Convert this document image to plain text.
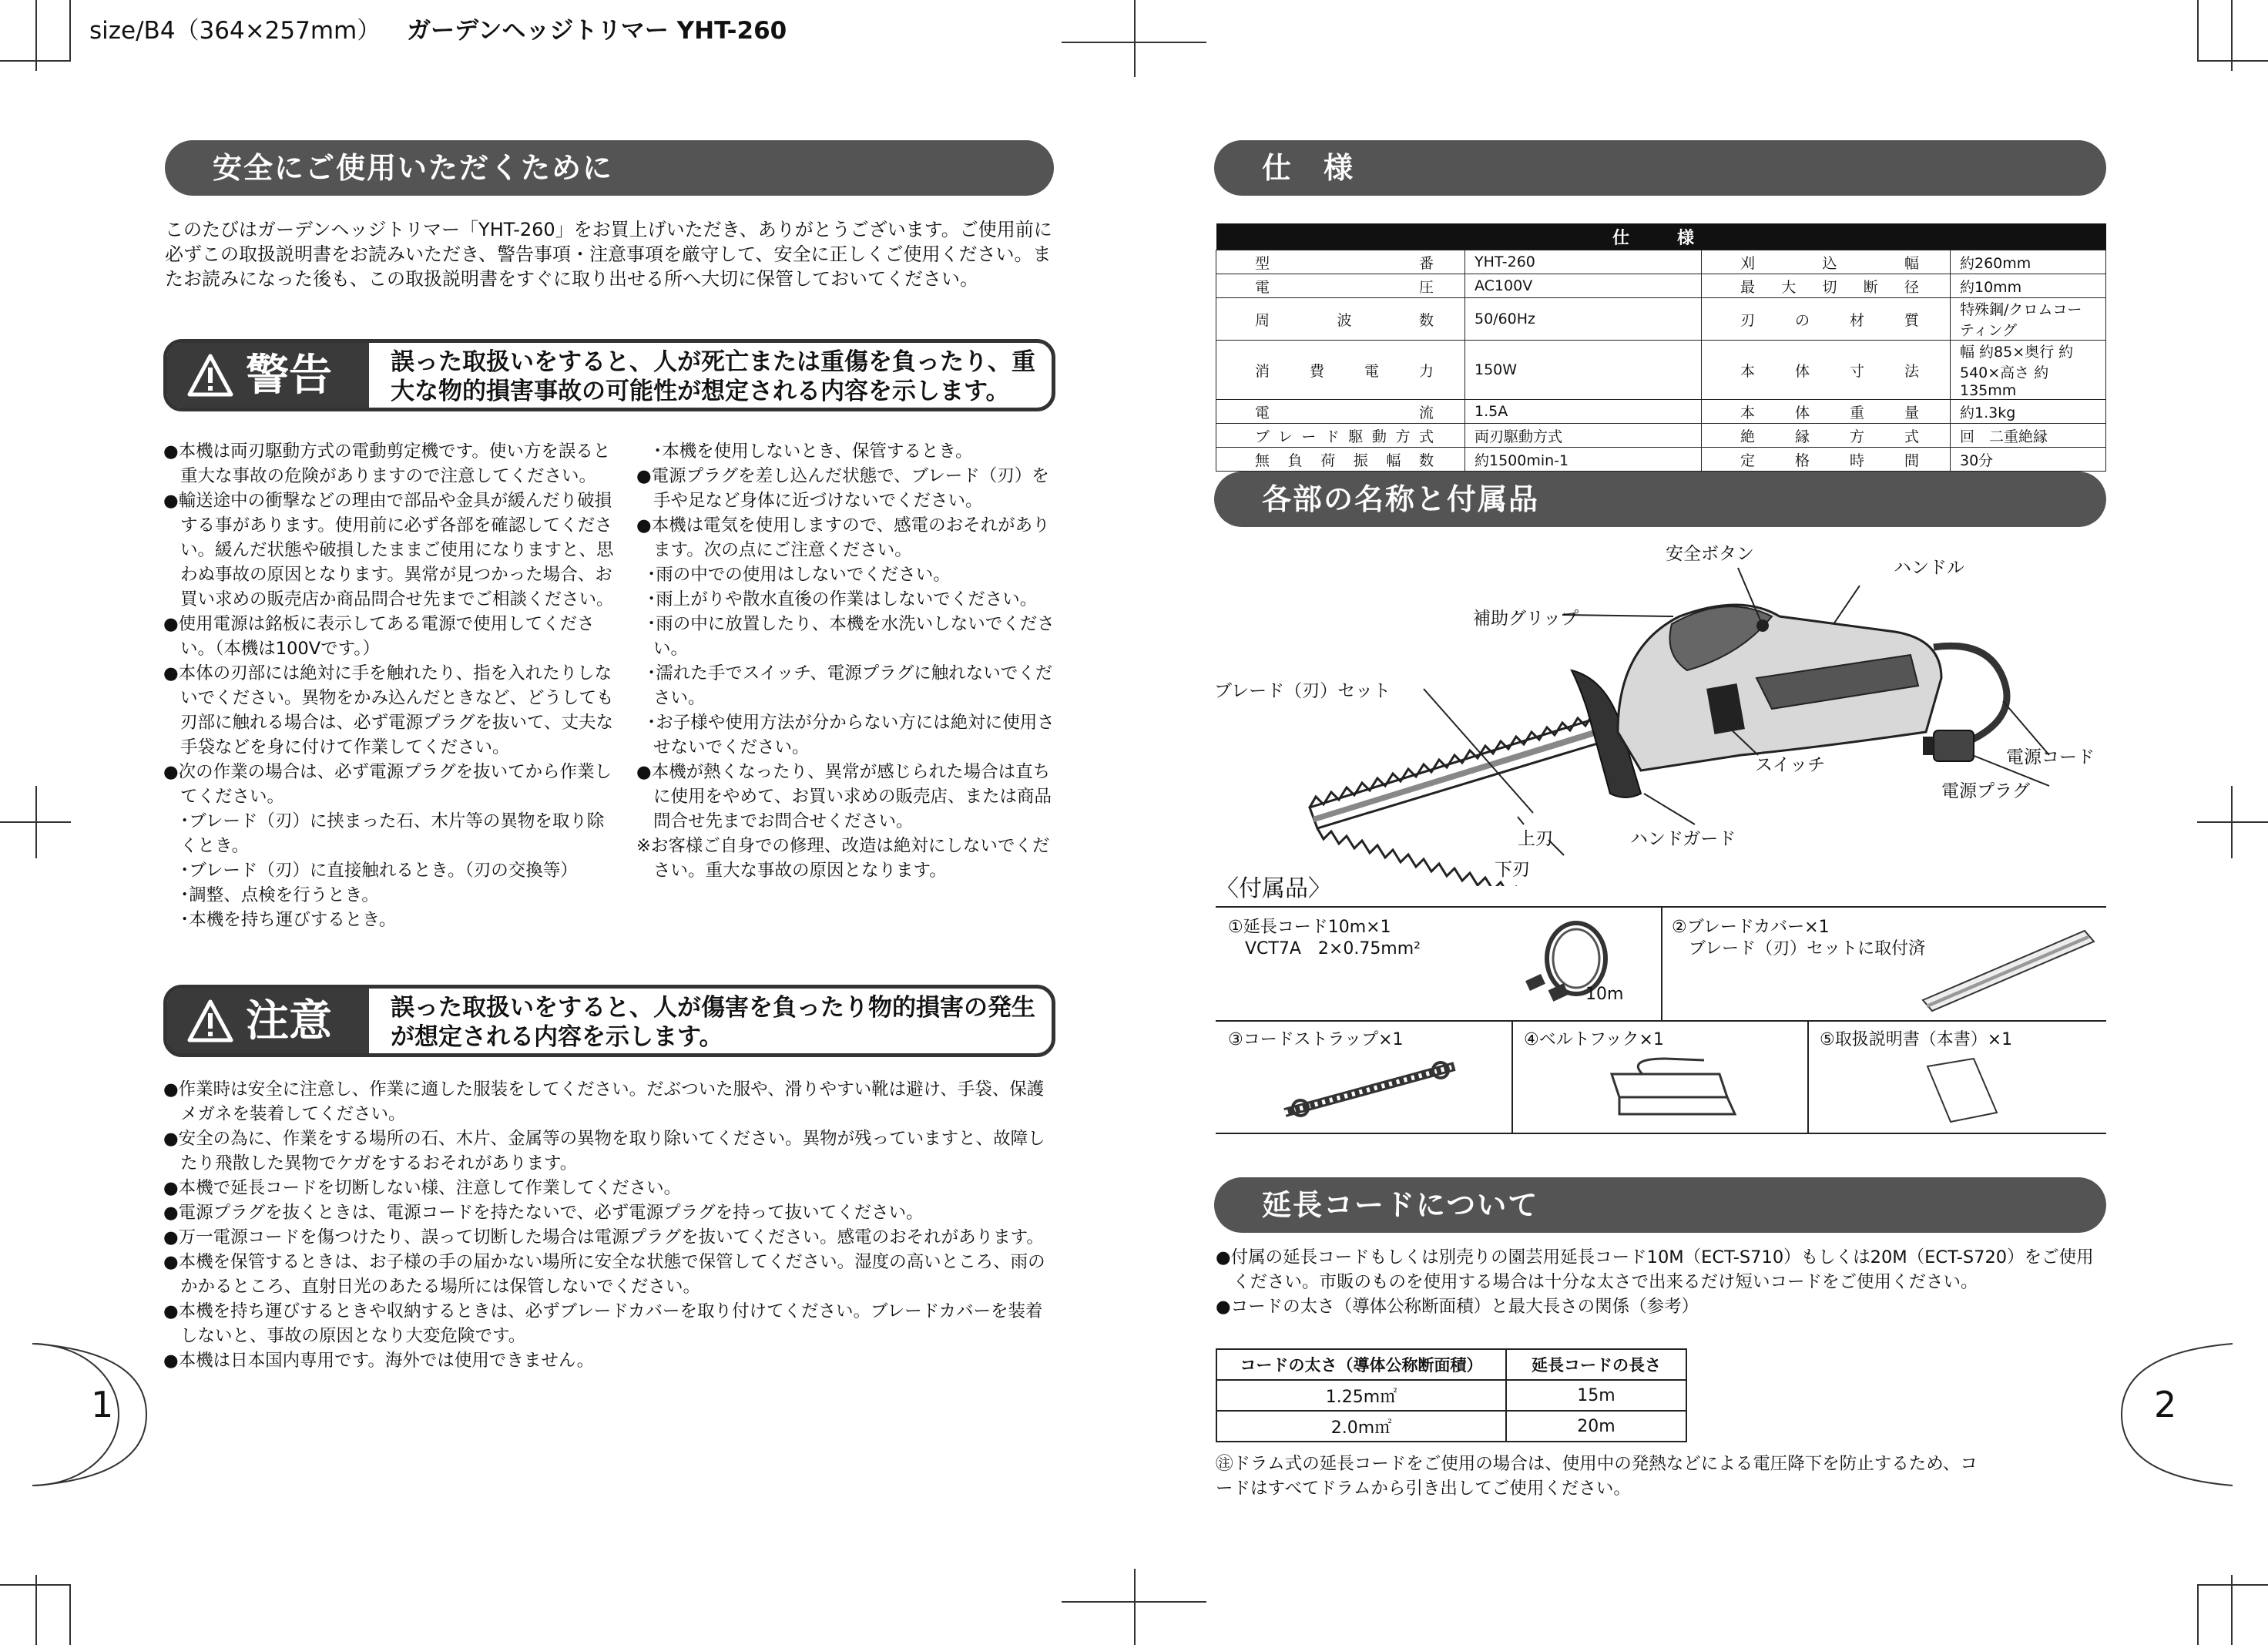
size/B4（364×257mm） ガーデンヘッジトリマー YHT-260
安全にご使用いただくために
このたびはガーデンヘッジトリマー「YHT-260」をお買上げいただき、ありがとうございます。ご使用前に必ずこの取扱説明書をお読みいただき、警告事項・注意事項を厳守して、安全に正しくご使用ください。またお読みになった後も、この取扱説明書をすぐに取り出せる所へ大切に保管しておいてください。
警告 誤った取扱いをすると、人が死亡または重傷を負ったり、重大な物的損害事故の可能性が想定される内容を示します。
●本機は両刃駆動方式の電動剪定機です。使い方を誤ると重大な事故の危険がありますので注意してください。
●輸送途中の衝撃などの理由で部品や金具が緩んだり破損する事があります。使用前に必ず各部を確認してください。緩んだ状態や破損したままご使用になりますと、思わぬ事故の原因となります。異常が見つかった場合、お買い求めの販売店か商品問合せ先までご相談ください。
●使用電源は銘板に表示してある電源で使用してください。（本機は100Vです。）
●本体の刃部には絶対に手を触れたり、指を入れたりしないでください。異物をかみ込んだときなど、どうしても刃部に触れる場合は、必ず電源プラグを抜いて、丈夫な手袋などを身に付けて作業してください。
●次の作業の場合は、必ず電源プラグを抜いてから作業してください。
･ブレード（刃）に挟まった石、木片等の異物を取り除くとき。
･ブレード（刃）に直接触れるとき。（刃の交換等）
･調整、点検を行うとき。
･本機を持ち運びするとき。
･本機を使用しないとき、保管するとき。
●電源プラグを差し込んだ状態で、ブレード（刃）を手や足など身体に近づけないでください。
●本機は電気を使用しますので、感電のおそれがあります。次の点にご注意ください。
･雨の中での使用はしないでください。
･雨上がりや散水直後の作業はしないでください。
･雨の中に放置したり、本機を水洗いしないでください。
･濡れた手でスイッチ、電源プラグに触れないでください。
･お子様や使用方法が分からない方には絶対に使用させないでください。
●本機が熱くなったり、異常が感じられた場合は直ちに使用をやめて、お買い求めの販売店、または商品問合せ先までお問合せください。
※お客様ご自身での修理、改造は絶対にしないでください。重大な事故の原因となります。
注意 誤った取扱いをすると、人が傷害を負ったり物的損害の発生が想定される内容を示します。
●作業時は安全に注意し、作業に適した服装をしてください。だぶついた服や、滑りやすい靴は避け、手袋、保護メガネを装着してください。
●安全の為に、作業をする場所の石、木片、金属等の異物を取り除いてください。異物が残っていますと、故障したり飛散した異物でケガをするおそれがあります。
●本機で延長コードを切断しない様、注意して作業してください。
●電源プラグを抜くときは、電源コードを持たないで、必ず電源プラグを持って抜いてください。
●万一電源コードを傷つけたり、誤って切断した場合は電源プラグを抜いてください。感電のおそれがあります。
●本機を保管するときは、お子様の手の届かない場所に安全な状態で保管してください。湿度の高いところ、雨のかかるところ、直射日光のあたる場所には保管しないでください。
●本機を持ち運びするときや収納するときは、必ずブレードカバーを取り付けてください。ブレードカバーを装着しないと、事故の原因となり大変危険です。
●本機は日本国内専用です。海外では使用できません。
1
仕　様
仕　様			
型番	YHT-260	刈込幅	約260mm
電圧	AC100V	最大切断径	約10mm
周波数	50/60Hz	刃の材質	特殊鋼/クロムコーティング
消費電力	150W	本体寸法	幅 約85×奥行 約540×高さ 約135mm
電流	1.5A	本体重量	約1.3kg
ブレード駆動方式	両刃駆動方式	絶縁方式	回　二重絶縁
無負荷振幅数	約1500min-1	定格時間	30分
各部の名称と付属品
安全ボタン
ハンドル
補助グリップ
ブレード（刃）セット
電源コード
スイッチ
電源プラグ
上刃	ハンドガード
下刃
〈付属品〉
①延長コード10m×1
VCT7A　2×0.75mm²
10m
②ブレードカバー×1
ブレード（刃）セットに取付済
③コードストラップ×1	④ベルトフック×1	⑤取扱説明書（本書）×1
延長コードについて
●付属の延長コードもしくは別売りの園芸用延長コード10M（ECT-S710）もしくは20M（ECT-S720）をご使用ください。市販のものを使用する場合は十分な太さで出来るだけ短いコードをご使用ください。
●コードの太さ（導体公称断面積）と最大長さの関係（参考）
コードの太さ（導体公称断面積）	延長コードの長さ
1.25m㎡	15m
2.0m㎡	20m
㊟ドラム式の延長コードをご使用の場合は、使用中の発熱などによる電圧降下を防止するため、コードはすべてドラムから引き出してご使用ください。
2
